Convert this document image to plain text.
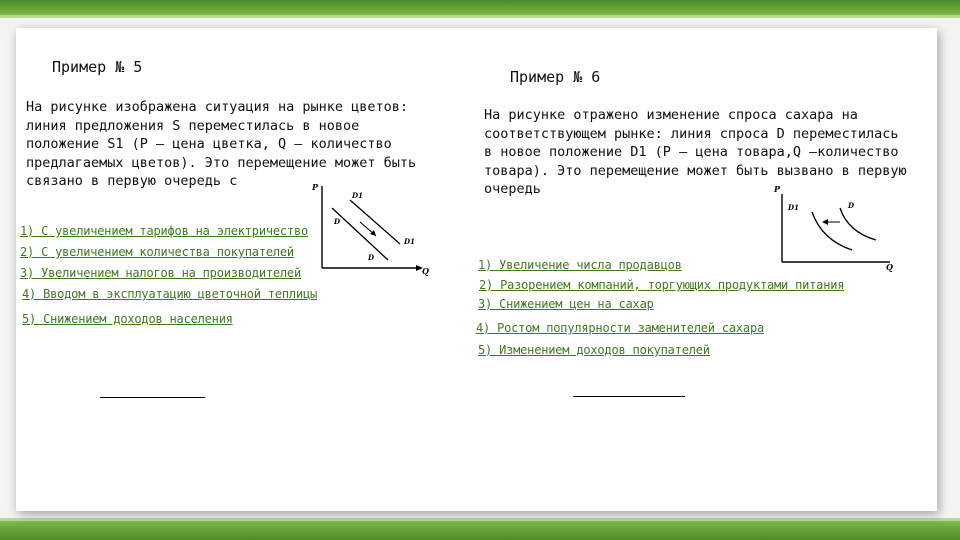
Пример № 5
На рисунке изображена ситуация на рынке цветов:
линия предложения S переместилась в новое
положение S1 (P – цена цветка, Q – количество
предлагаемых цветов). Это перемещение может быть
связано в первую очередь с	P
Q
D1
D
D1
D
1) С увеличением тарифов на электричество
2) С увеличением количества покупателей
3) Увеличением налогов на производителей
4) Вводом в эксплуатацию цветочной теплицы
5) Снижением доходов населения
Пример № 6
На рисунке отражено изменение спроса сахара на
соответствующем рынке: линия спроса D переместилась
в новое положение D1 (P – цена товара,Q –количество
товара). Это перемещение может быть вызвано в первую
очередь	P
Q
D1	D
1) Увеличение числа продавцов
2) Разорением компаний, торгующих продуктами питания
3) Снижением цен на сахар
4) Ростом популярности заменителей сахара
5) Изменением доходов покупателей
